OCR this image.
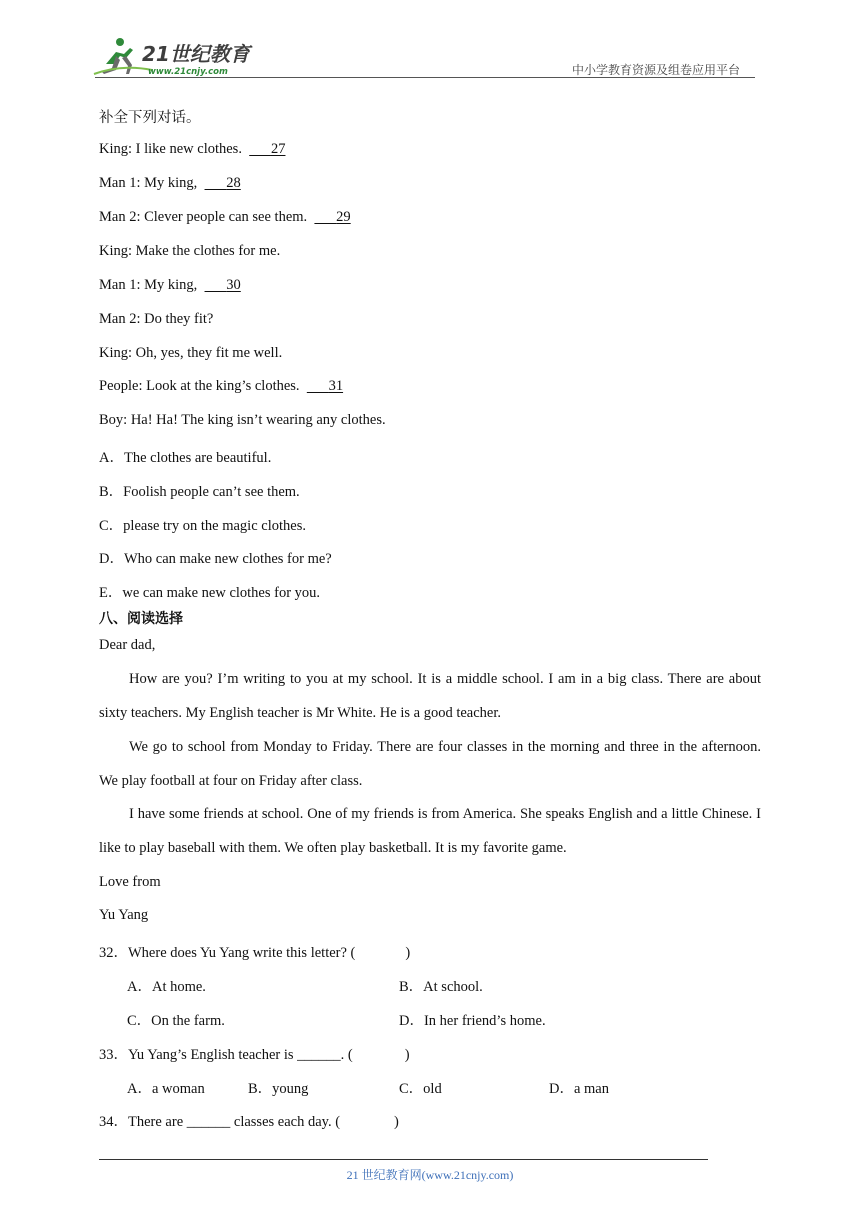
21世纪教育
www.21cnjy.com	中小学教育资源及组卷应用平台
补全下列对话。
King: I like new clothes. 27
Man 1: My king, 28
Man 2: Clever people can see them. 29
King: Make the clothes for me.
Man 1: My king, 30
Man 2: Do they fit?
King: Oh, yes, they fit me well.
People: Look at the king’s clothes. 31
Boy: Ha! Ha! The king isn’t wearing any clothes.
A．The clothes are beautiful.
B．Foolish people can’t see them.
C．please try on the magic clothes.
D．Who can make new clothes for me?
E．we can make new clothes for you.
八、阅读选择
Dear dad,
How are you? I’m writing to you at my school. It is a middle school. I am in a big class. There are about sixty teachers. My English teacher is Mr White. He is a good teacher.
We go to school from Monday to Friday. There are four classes in the morning and three in the afternoon. We play football at four on Friday after class.
I have some friends at school. One of my friends is from America. She speaks English and a little Chinese. I like to play baseball with them. We often play basketball. It is my favorite game.
Love from
Yu Yang
32．Where does Yu Yang write this letter? (	)
A．At home.	B．At school.
C．On the farm.	D．In her friend’s home.
33．Yu Yang’s English teacher is ______. (	)
A．a woman	B．young	C．old	D．a man
34．There are ______ classes each day. (	)
21 世纪教育网(www.21cnjy.com)
